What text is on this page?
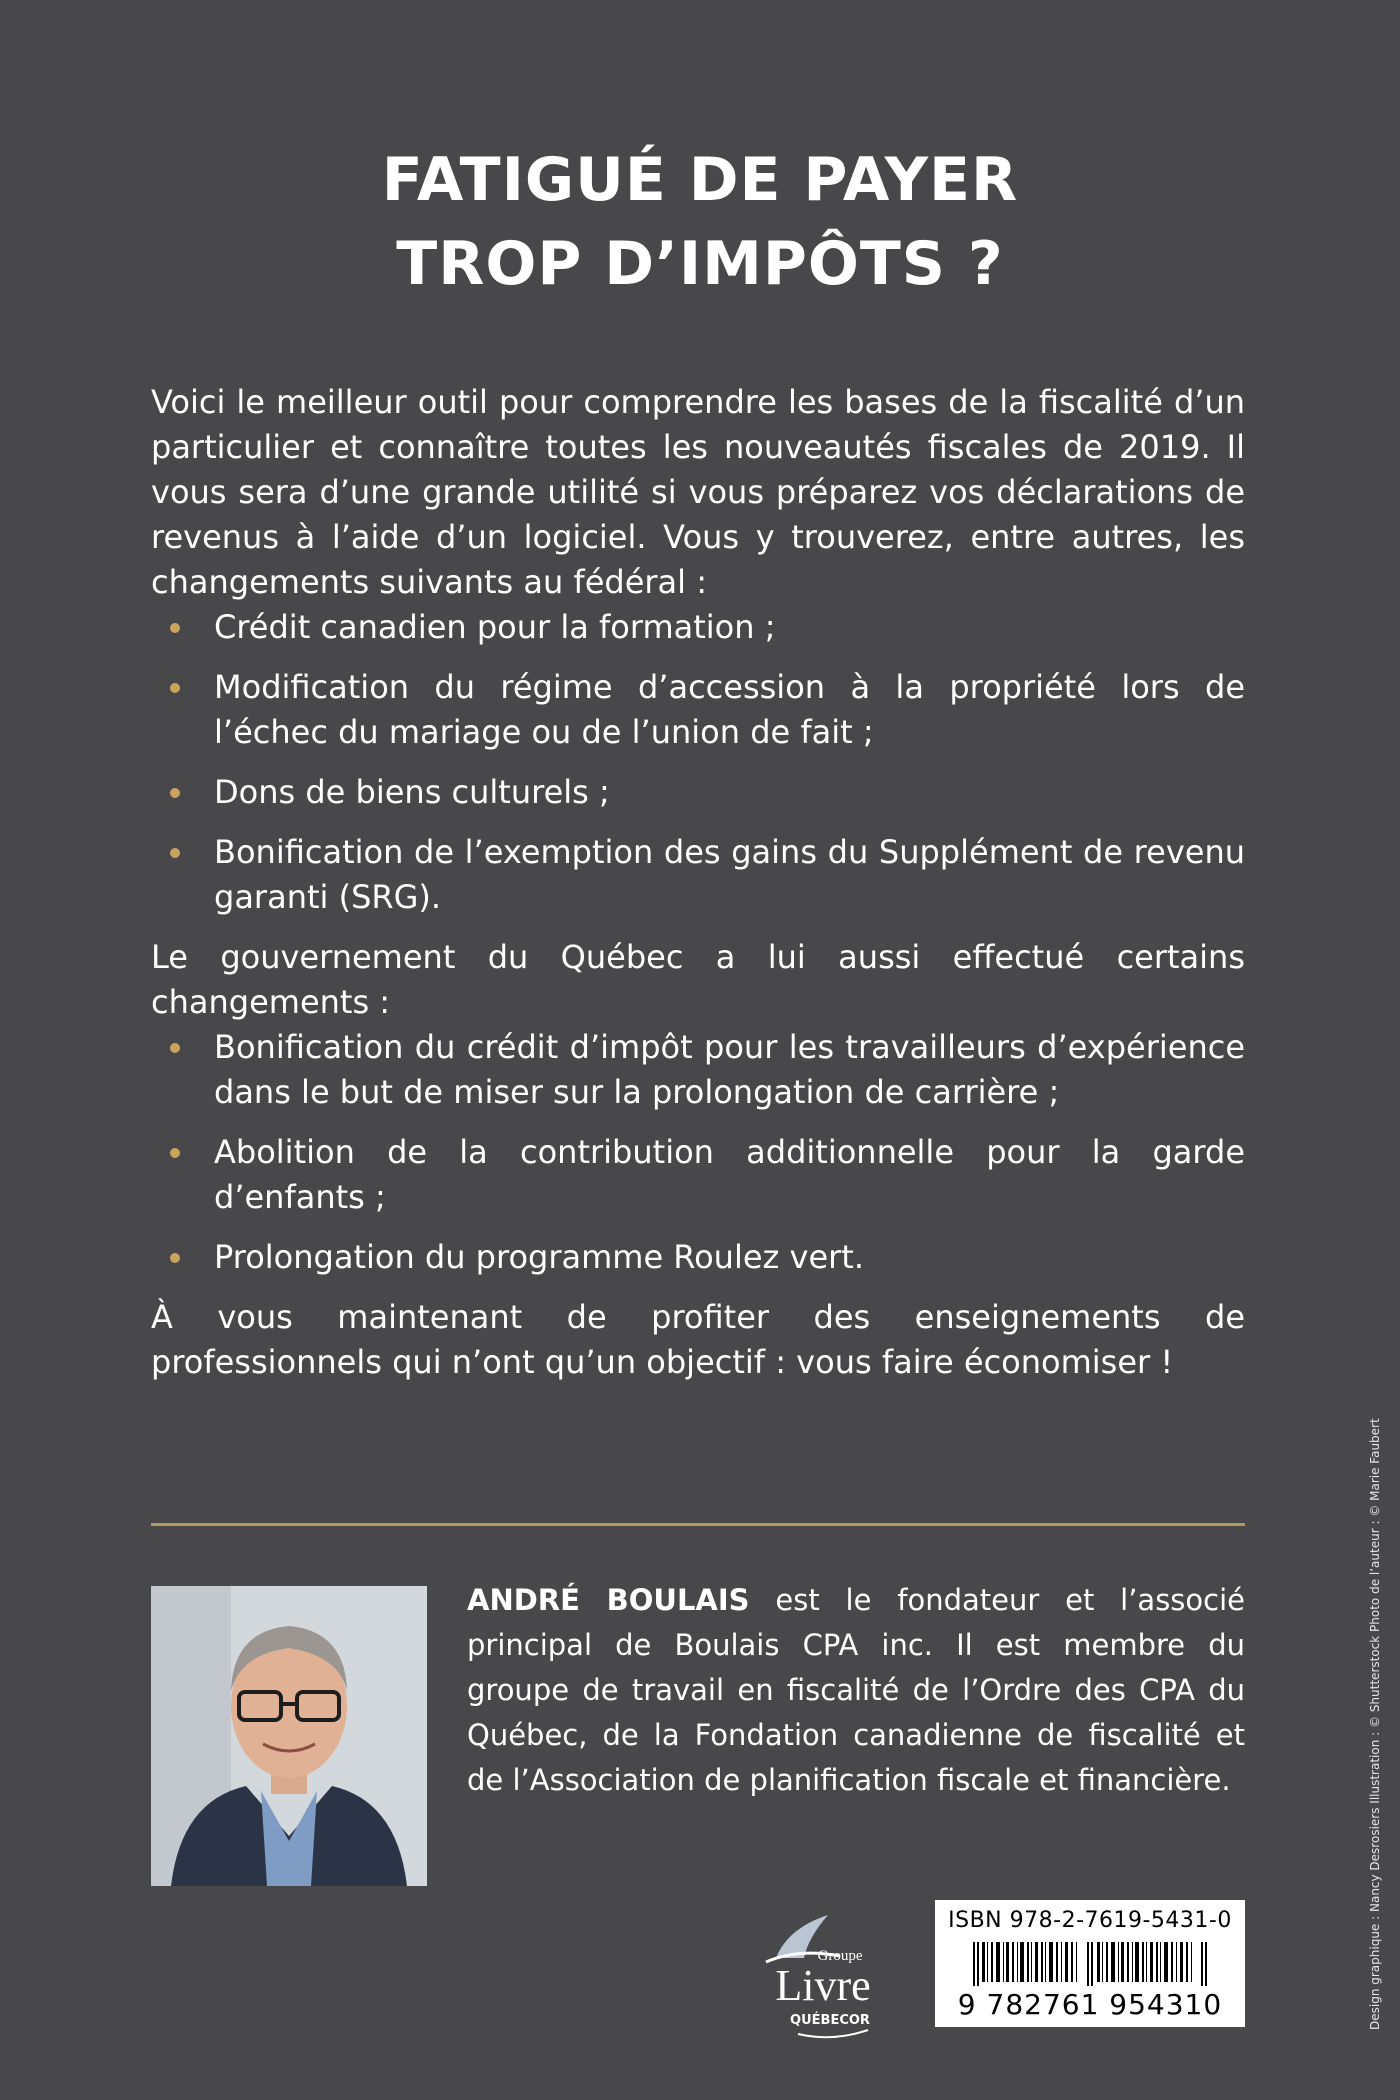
FATIGUÉ DE PAYER
TROP D’IMPÔTS ?

Voici le meilleur outil pour comprendre les bases de la fiscalité d’un particulier et connaître toutes les nouveautés fiscales de 2019. Il vous sera d’une grande utilité si vous préparez vos déclarations de revenus à l’aide d’un logiciel. Vous y trouverez, entre autres, les changements suivants au fédéral :

Crédit canadien pour la formation ;
Modification du régime d’accession à la propriété lors de l’échec du mariage ou de l’union de fait ;
Dons de biens culturels ;
Bonification de l’exemption des gains du Supplément de revenu garanti (SRG).

Le gouvernement du Québec a lui aussi effectué certains changements :

Bonification du crédit d’impôt pour les travailleurs d’expérience dans le but de miser sur la prolongation de carrière ;
Abolition de la contribution additionnelle pour la garde d’enfants ;
Prolongation du programme Roulez vert.

À vous maintenant de profiter des enseignements de professionnels qui n’ont qu’un objectif : vous faire économiser !

ANDRÉ BOULAIS est le fondateur et l’associé principal de Boulais CPA inc. Il est membre du groupe de travail en fiscalité de l’Ordre des CPA du Québec, de la Fondation canadienne de fiscalité et de l’Association de planification fiscale et financière.
Groupe
Livre
QUÉBECOR
ISBN 978-2-7619-5431-0
9 782761 954310	Design graphique : Nancy Desrosiers Illustration : © Shutterstock Photo de l’auteur : © Marie Faubert
